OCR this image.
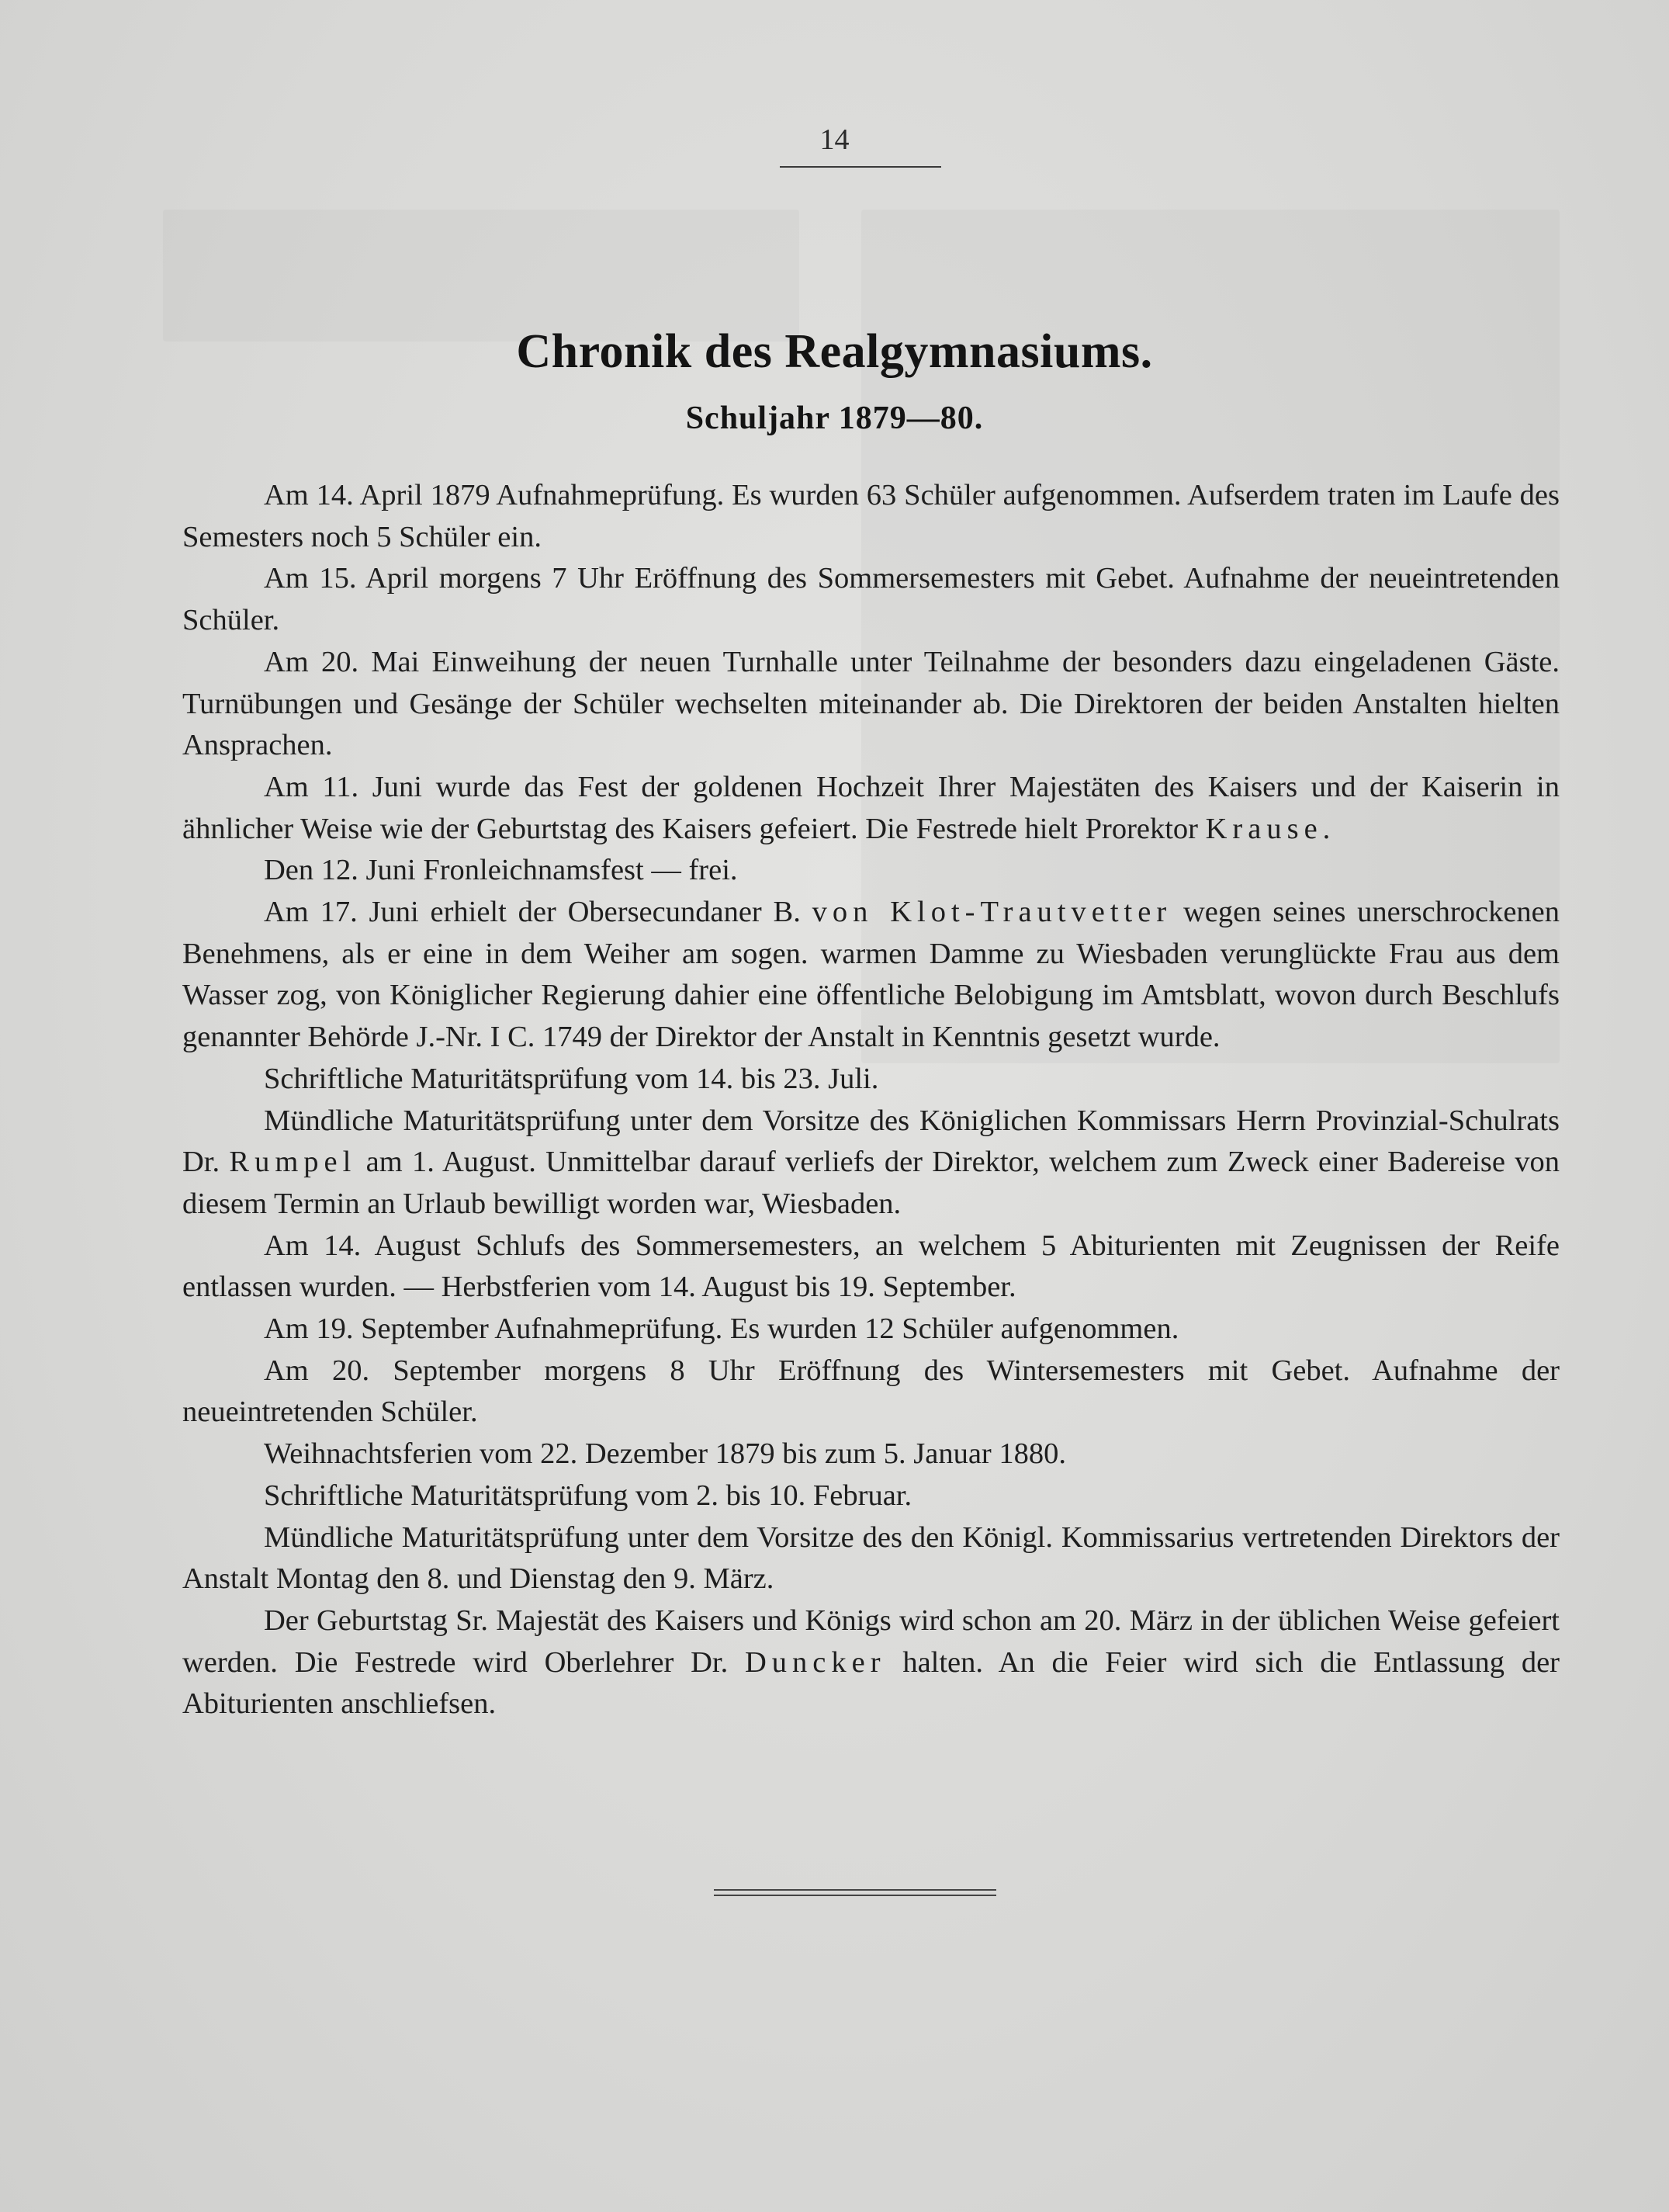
14
Chronik des Realgymnasiums.
Schuljahr 1879—80.

Am 14. April 1879 Aufnahmeprüfung. Es wurden 63 Schüler aufgenommen. Aufserdem traten im Laufe des Semesters noch 5 Schüler ein.

Am 15. April morgens 7 Uhr Eröffnung des Sommersemesters mit Gebet. Aufnahme der neueintretenden Schüler.

Am 20. Mai Einweihung der neuen Turnhalle unter Teilnahme der besonders dazu eingeladenen Gäste. Turnübungen und Gesänge der Schüler wechselten miteinander ab. Die Direktoren der beiden Anstalten hielten Ansprachen.

Am 11. Juni wurde das Fest der goldenen Hochzeit Ihrer Majestäten des Kaisers und der Kaiserin in ähnlicher Weise wie der Geburtstag des Kaisers gefeiert. Die Festrede hielt Prorektor Krause.

Den 12. Juni Fronleichnamsfest — frei.

Am 17. Juni erhielt der Obersecundaner B. von Klot-Trautvetter wegen seines unerschrockenen Benehmens, als er eine in dem Weiher am sogen. warmen Damme zu Wiesbaden verunglückte Frau aus dem Wasser zog, von Königlicher Regierung dahier eine öffentliche Belobigung im Amtsblatt, wovon durch Beschlufs genannter Behörde J.-Nr. I C. 1749 der Direktor der Anstalt in Kenntnis gesetzt wurde.

Schriftliche Maturitätsprüfung vom 14. bis 23. Juli.

Mündliche Maturitätsprüfung unter dem Vorsitze des Königlichen Kommissars Herrn Provinzial-Schulrats Dr. Rumpel am 1. August. Unmittelbar darauf verliefs der Direktor, welchem zum Zweck einer Badereise von diesem Termin an Urlaub bewilligt worden war, Wiesbaden.

Am 14. August Schlufs des Sommersemesters, an welchem 5 Abiturienten mit Zeugnissen der Reife entlassen wurden. — Herbstferien vom 14. August bis 19. September.

Am 19. September Aufnahmeprüfung. Es wurden 12 Schüler aufgenommen.

Am 20. September morgens 8 Uhr Eröffnung des Wintersemesters mit Gebet. Aufnahme der neueintretenden Schüler.

Weihnachtsferien vom 22. Dezember 1879 bis zum 5. Januar 1880.

Schriftliche Maturitätsprüfung vom 2. bis 10. Februar.

Mündliche Maturitätsprüfung unter dem Vorsitze des den Königl. Kommissarius vertretenden Direktors der Anstalt Montag den 8. und Dienstag den 9. März.

Der Geburtstag Sr. Majestät des Kaisers und Königs wird schon am 20. März in der üblichen Weise gefeiert werden. Die Festrede wird Oberlehrer Dr. Duncker halten. An die Feier wird sich die Entlassung der Abiturienten anschliefsen.
